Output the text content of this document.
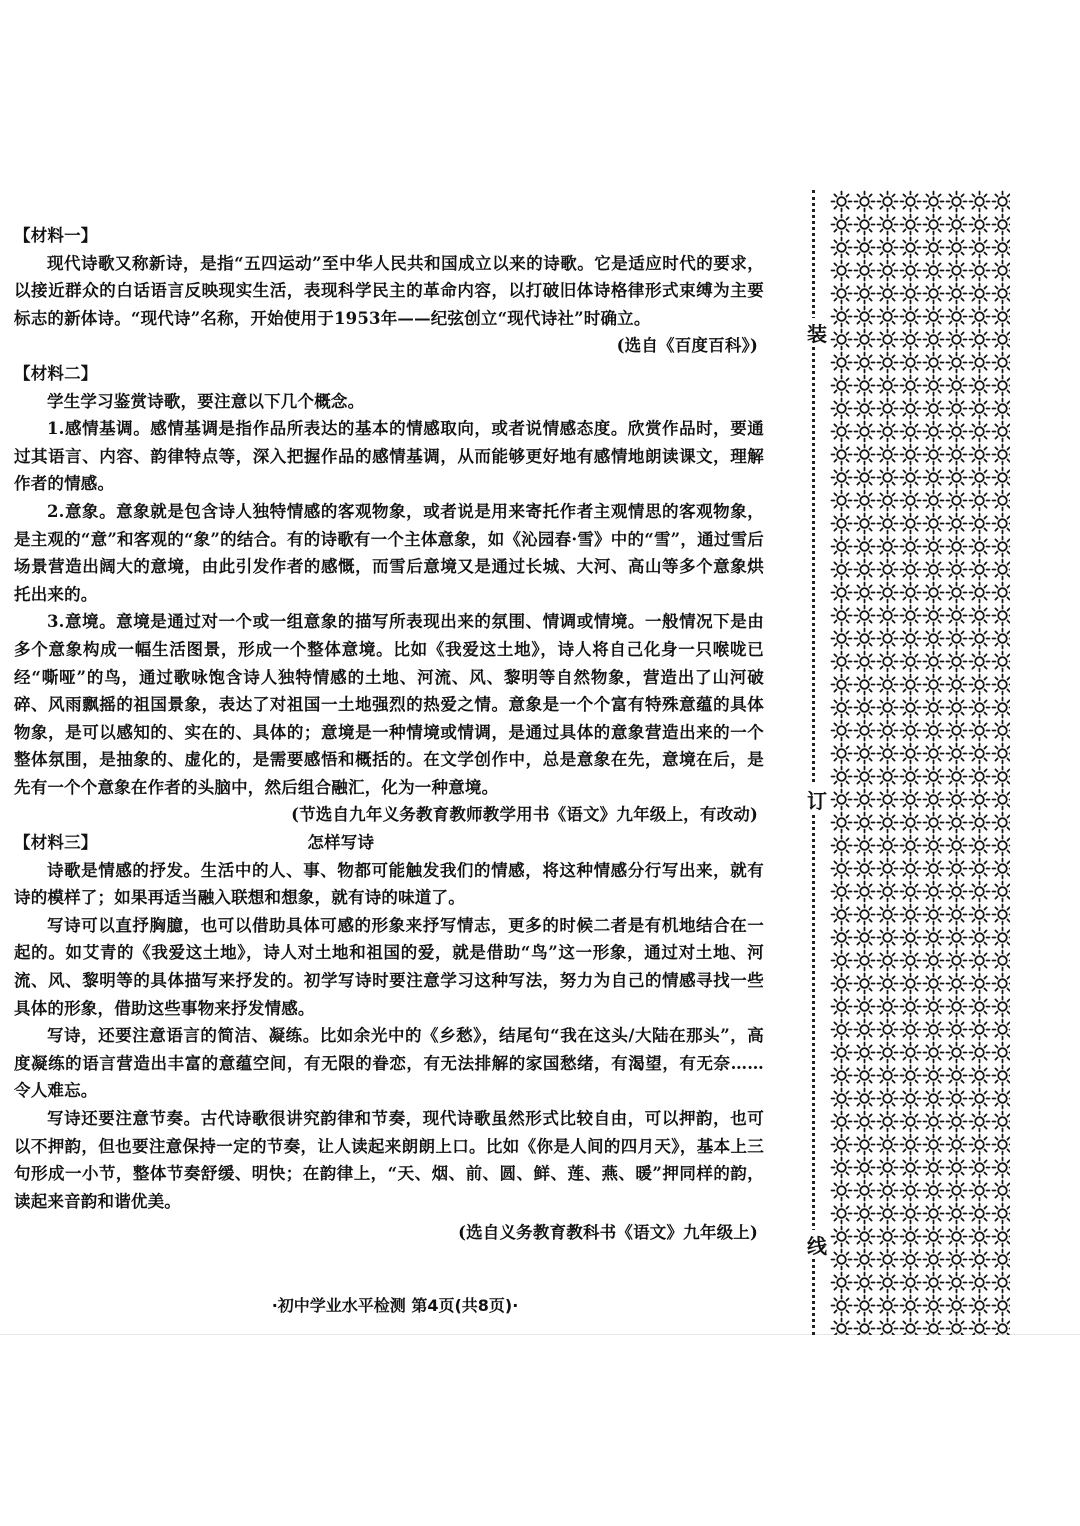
【材料一】

现代诗歌又称新诗，是指“五四运动”至中华人民共和国成立以来的诗歌。它是适应时代的要求，以接近群众的白话语言反映现实生活，表现科学民主的革命内容，以打破旧体诗格律形式束缚为主要标志的新体诗。“现代诗”名称，开始使用于1953年——纪弦创立“现代诗社”时确立。

(选自《百度百科》)

【材料二】

学生学习鉴赏诗歌，要注意以下几个概念。

1.感情基调。感情基调是指作品所表达的基本的情感取向，或者说情感态度。欣赏作品时，要通过其语言、内容、韵律特点等，深入把握作品的感情基调，从而能够更好地有感情地朗读课文，理解作者的情感。

2.意象。意象就是包含诗人独特情感的客观物象，或者说是用来寄托作者主观情思的客观物象，是主观的“意”和客观的“象”的结合。有的诗歌有一个主体意象，如《沁园春·雪》中的“雪”，通过雪后场景营造出阔大的意境，由此引发作者的感慨，而雪后意境又是通过长城、大河、高山等多个意象烘托出来的。

3.意境。意境是通过对一个或一组意象的描写所表现出来的氛围、情调或情境。一般情况下是由多个意象构成一幅生活图景，形成一个整体意境。比如《我爱这土地》，诗人将自己化身一只喉咙已经“嘶哑”的鸟，通过歌咏饱含诗人独特情感的土地、河流、风、黎明等自然物象，营造出了山河破碎、风雨飘摇的祖国景象，表达了对祖国一土地强烈的热爱之情。意象是一个个富有特殊意蕴的具体物象，是可以感知的、实在的、具体的；意境是一种情境或情调，是通过具体的意象营造出来的一个整体氛围，是抽象的、虚化的，是需要感悟和概括的。在文学创作中，总是意象在先，意境在后，是先有一个个意象在作者的头脑中，然后组合融汇，化为一种意境。

(节选自九年义务教育教师教学用书《语文》九年级上，有改动)

【材料三】	怎样写诗

诗歌是情感的抒发。生活中的人、事、物都可能触发我们的情感，将这种情感分行写出来，就有诗的模样了；如果再适当融入联想和想象，就有诗的味道了。

写诗可以直抒胸臆，也可以借助具体可感的形象来抒写情志，更多的时候二者是有机地结合在一起的。如艾青的《我爱这土地》，诗人对土地和祖国的爱，就是借助“鸟”这一形象，通过对土地、河流、风、黎明等的具体描写来抒发的。初学写诗时要注意学习这种写法，努力为自己的情感寻找一些具体的形象，借助这些事物来抒发情感。

写诗，还要注意语言的简洁、凝练。比如余光中的《乡愁》，结尾句“我在这头/大陆在那头”，高度凝练的语言营造出丰富的意蕴空间，有无限的眷恋，有无法排解的家国愁绪，有渴望，有无奈……令人难忘。

写诗还要注意节奏。古代诗歌很讲究韵律和节奏，现代诗歌虽然形式比较自由，可以押韵，也可以不押韵，但也要注意保持一定的节奏，让人读起来朗朗上口。比如《你是人间的四月天》，基本上三句形成一小节，整体节奏舒缓、明快；在韵律上，“天、烟、前、圆、鲜、莲、燕、暖”押同样的韵，读起来音韵和谐优美。

(选自义务教育教科书《语文》九年级上)

·初中学业水平检测 第4页(共8页)·
装
订
线
